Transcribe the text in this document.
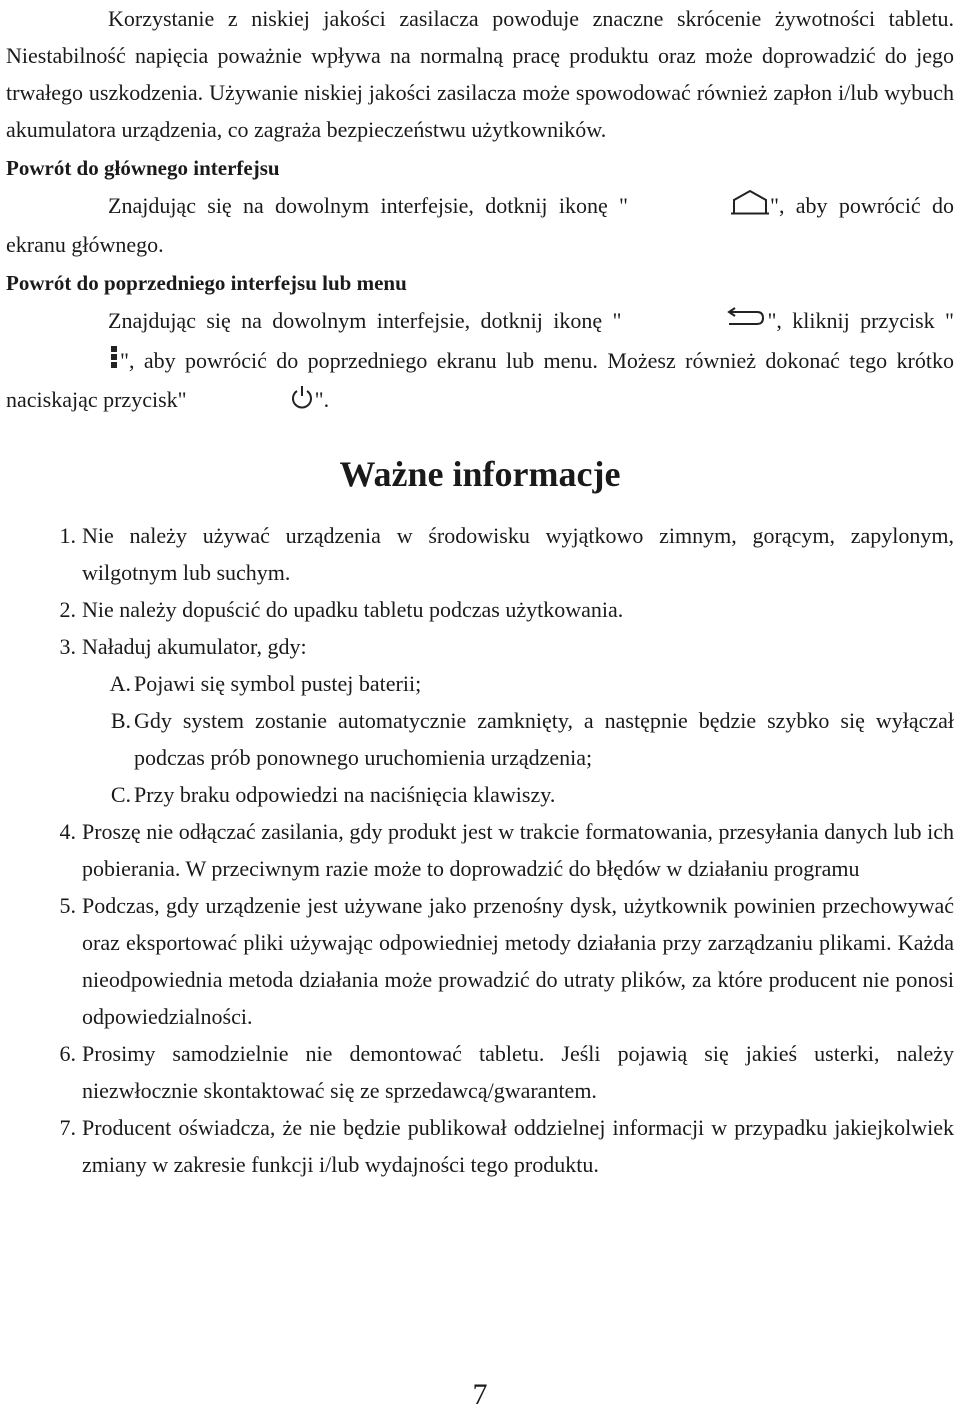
Korzystanie z niskiej jakości zasilacza powoduje znaczne skrócenie żywotności tabletu. Niestabilność napięcia poważnie wpływa na normalną pracę produktu oraz może doprowadzić do jego trwałego uszkodzenia. Używanie niskiej jakości zasilacza może spowodować również zapłon i/lub wybuch akumulatora urządzenia, co zagraża bezpieczeństwu użytkowników.

Powrót do głównego interfejsu

Znajdując się na dowolnym interfejsie, dotknij ikonę "	", aby powrócić do ekranu głównego.

Powrót do poprzedniego interfejsu lub menu

Znajdując się na dowolnym interfejsie, dotknij ikonę "	", kliknij przycisk "", aby powrócić do poprzedniego ekranu lub menu. Możesz również dokonać tego krótko naciskając przycisk"	".

Ważne informacje
1. Nie należy używać urządzenia w środowisku wyjątkowo zimnym, gorącym, zapylonym, wilgotnym lub suchym.
2. Nie należy dopuścić do upadku tabletu podczas użytkowania.
3. Naładuj akumulator, gdy:
A. Pojawi się symbol pustej baterii;
B. Gdy system zostanie automatycznie zamknięty, a następnie będzie szybko się wyłączał podczas prób ponownego uruchomienia urządzenia;
C. Przy braku odpowiedzi na naciśnięcia klawiszy.
4. Proszę nie odłączać zasilania, gdy produkt jest w trakcie formatowania, przesyłania danych lub ich pobierania. W przeciwnym razie może to doprowadzić do błędów w działaniu programu
5. Podczas, gdy urządzenie jest używane jako przenośny dysk, użytkownik powinien przechowywać oraz eksportować pliki używając odpowiedniej metody działania przy zarządzaniu plikami. Każda nieodpowiednia metoda działania może prowadzić do utraty plików, za które producent nie ponosi odpowiedzialności.
6. Prosimy samodzielnie nie demontować tabletu. Jeśli pojawią się jakieś usterki, należy niezwłocznie skontaktować się ze sprzedawcą/gwarantem.
7. Producent oświadcza, że nie będzie publikował oddzielnej informacji w przypadku jakiejkolwiek zmiany w zakresie funkcji i/lub wydajności tego produktu.
7
